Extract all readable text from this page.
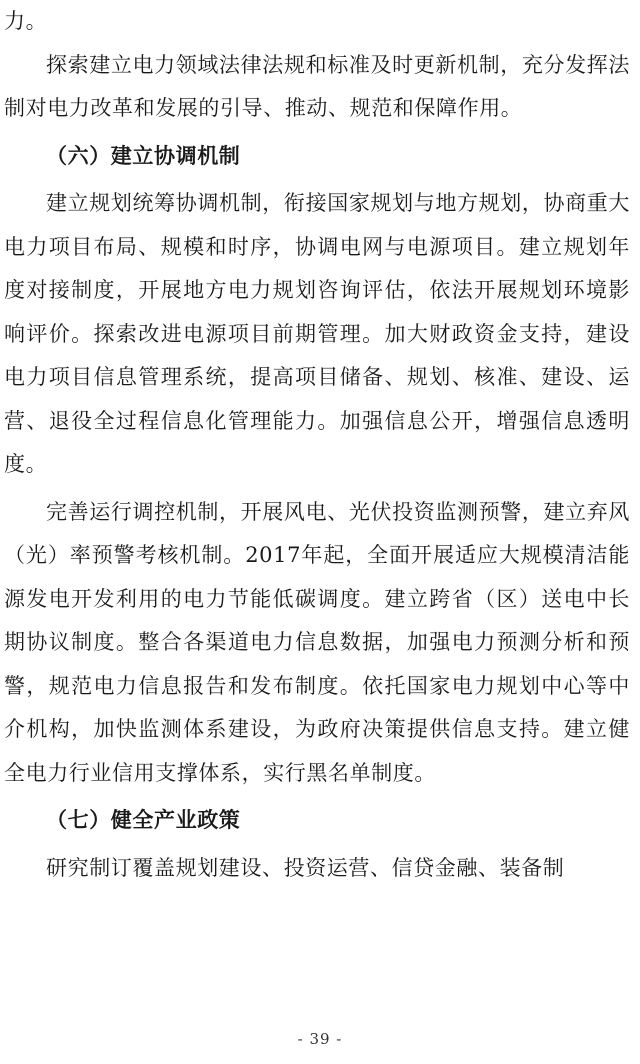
力。

探索建立电力领域法律法规和标准及时更新机制，充分发挥法制对电力改革和发展的引导、推动、规范和保障作用。

（六）建立协调机制

建立规划统筹协调机制，衔接国家规划与地方规划，协商重大电力项目布局、规模和时序，协调电网与电源项目。建立规划年度对接制度，开展地方电力规划咨询评估，依法开展规划环境影响评价。探索改进电源项目前期管理。加大财政资金支持，建设电力项目信息管理系统，提高项目储备、规划、核准、建设、运营、退役全过程信息化管理能力。加强信息公开，增强信息透明度。

完善运行调控机制，开展风电、光伏投资监测预警，建立弃风（光）率预警考核机制。2017年起，全面开展适应大规模清洁能源发电开发利用的电力节能低碳调度。建立跨省（区）送电中长期协议制度。整合各渠道电力信息数据，加强电力预测分析和预警，规范电力信息报告和发布制度。依托国家电力规划中心等中介机构，加快监测体系建设，为政府决策提供信息支持。建立健全电力行业信用支撑体系，实行黑名单制度。

（七）健全产业政策

研究制订覆盖规划建设、投资运营、信贷金融、装备制

- 39 -
